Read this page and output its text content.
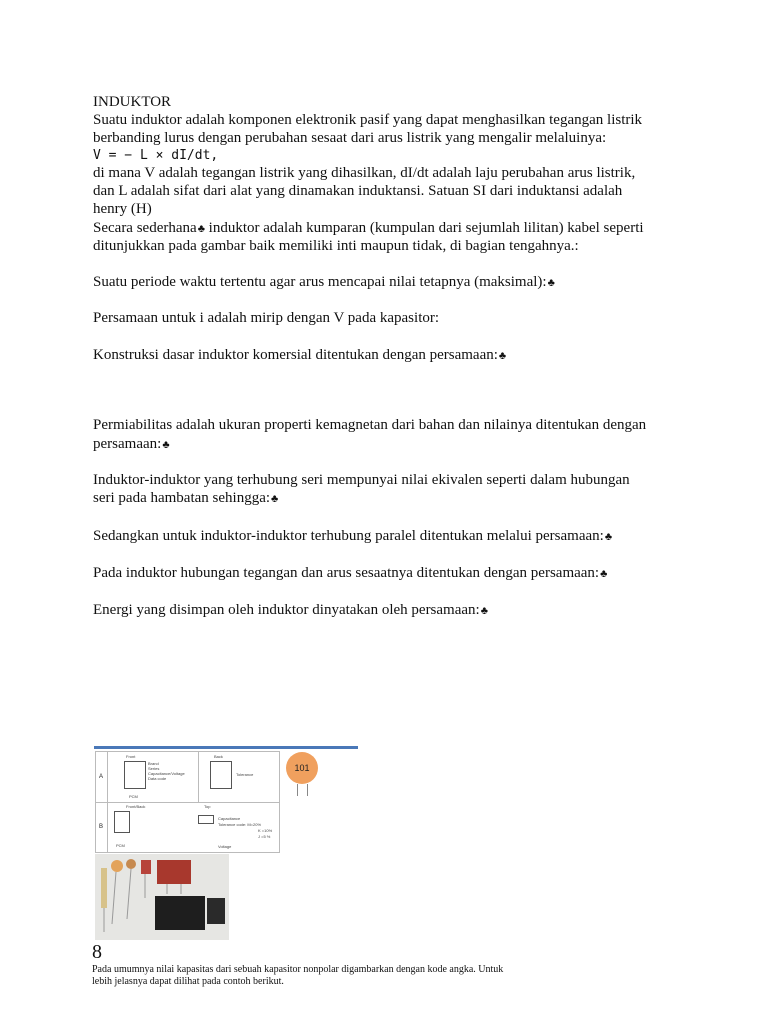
INDUKTOR
Suatu induktor adalah komponen elektronik pasif yang dapat menghasilkan tegangan listrik
berbanding lurus dengan perubahan sesaat dari arus listrik yang mengalir melaluinya:
V = − L × dI/dt,
di mana V adalah tegangan listrik yang dihasilkan, dI/dt adalah laju perubahan arus listrik,
dan L adalah sifat dari alat yang dinamakan induktansi. Satuan SI dari induktansi adalah
henry (H)
Secara sederhana♣ induktor adalah kumparan (kumpulan dari sejumlah lilitan) kabel seperti
ditunjukkan pada gambar baik memiliki inti maupun tidak, di bagian tengahnya.:
Suatu periode waktu tertentu agar arus mencapai nilai tetapnya (maksimal):♣
Persamaan untuk i adalah mirip dengan V pada kapasitor:
Konstruksi dasar induktor komersial ditentukan dengan persamaan:♣
Permiabilitas adalah ukuran properti kemagnetan dari bahan dan nilainya ditentukan dengan
persamaan:♣
Induktor-induktor yang terhubung seri mempunyai nilai ekivalen seperti dalam hubungan
seri pada hambatan sehingga:♣
Sedangkan untuk induktor-induktor terhubung paralel ditentukan melalui persamaan:♣
Pada induktor hubungan tegangan dan arus sesaatnya ditentukan dengan persamaan:♣
Energi yang disimpan oleh induktor dinyatakan oleh persamaan:♣
A
B
Front	Back
Brand
Series
Capacitance/Voltage
Data code
PCM
Tolerance
Front/Back	Top
PCM
Capacitance
Tolerance code: M=20%
K =10%
J =5 %
Voltage
101
8
Pada umumnya nilai kapasitas dari sebuah kapasitor nonpolar digambarkan dengan kode angka. Untuk
lebih jelasnya dapat dilihat pada contoh berikut.
